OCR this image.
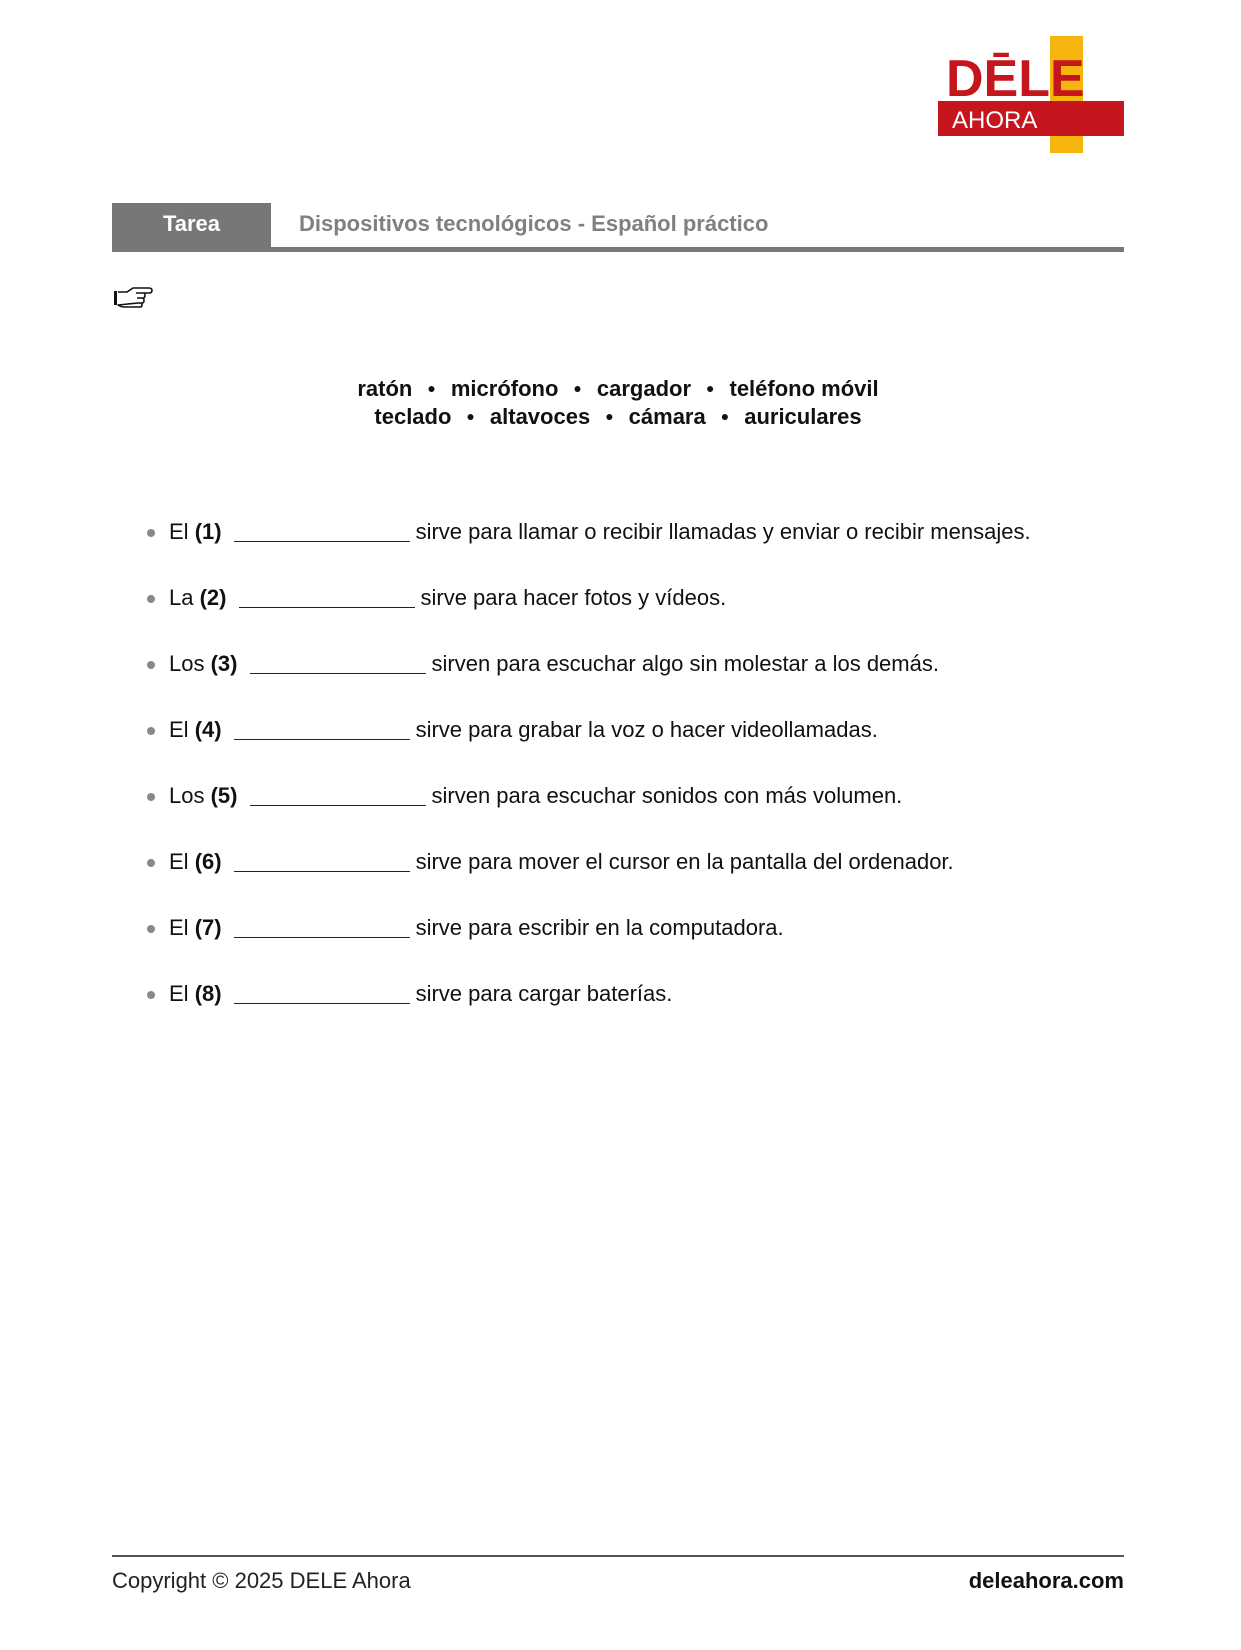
DĒLE
AHORA
Tarea	Dispositivos tecnológicos - Español práctico
ratón ● micrófono ● cargador ● teléfono móvil
teclado ● altavoces ● cámara ● auriculares
El (1)	sirve para llamar o recibir llamadas y enviar o recibir mensajes.
La (2)	sirve para hacer fotos y vídeos.
Los (3)	sirven para escuchar algo sin molestar a los demás.
El (4)	sirve para grabar la voz o hacer videollamadas.
Los (5)	sirven para escuchar sonidos con más volumen.
El (6)	sirve para mover el cursor en la pantalla del ordenador.
El (7)	sirve para escribir en la computadora.
El (8)	sirve para cargar baterías.
Copyright © 2025 DELE Ahora	deleahora.com
